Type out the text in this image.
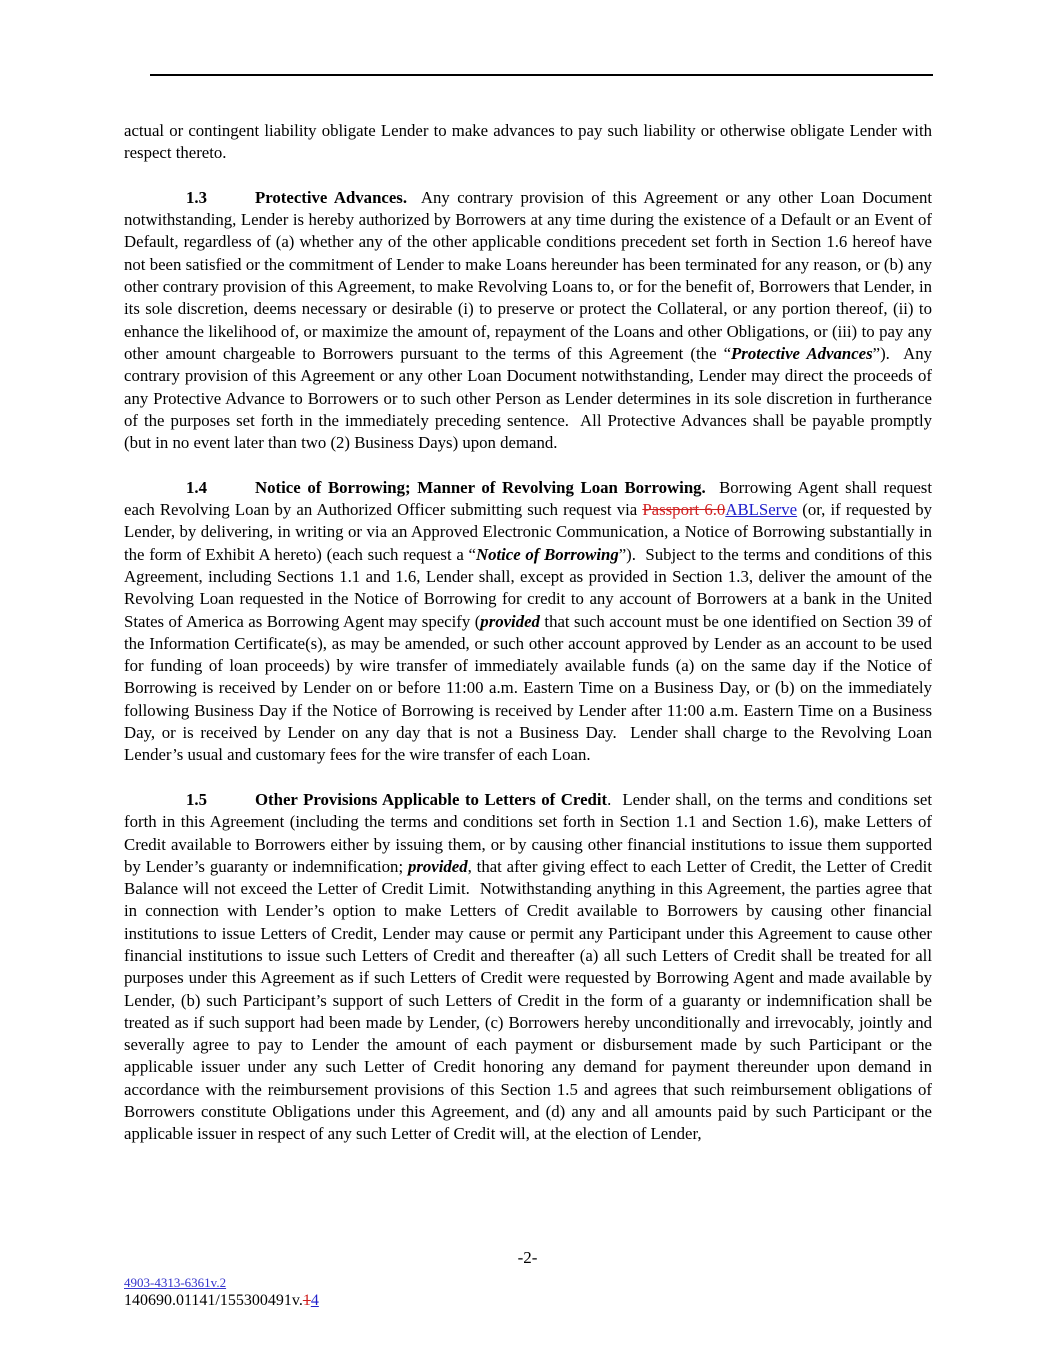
actual or contingent liability obligate Lender to make advances to pay such liability or otherwise obligate Lender with respect thereto.

1.3	Protective Advances.  Any contrary provision of this Agreement or any other Loan Document notwithstanding, Lender is hereby authorized by Borrowers at any time during the existence of a Default or an Event of Default, regardless of (a) whether any of the other applicable conditions precedent set forth in Section 1.6 hereof have not been satisfied or the commitment of Lender to make Loans hereunder has been terminated for any reason, or (b) any other contrary provision of this Agreement, to make Revolving Loans to, or for the benefit of, Borrowers that Lender, in its sole discretion, deems necessary or desirable (i) to preserve or protect the Collateral, or any portion thereof, (ii) to enhance the likelihood of, or maximize the amount of, repayment of the Loans and other Obligations, or (iii) to pay any other amount chargeable to Borrowers pursuant to the terms of this Agreement (the “Protective Advances”).  Any contrary provision of this Agreement or any other Loan Document notwithstanding, Lender may direct the proceeds of any Protective Advance to Borrowers or to such other Person as Lender determines in its sole discretion in furtherance of the purposes set forth in the immediately preceding sentence.  All Protective Advances shall be payable promptly (but in no event later than two (2) Business Days) upon demand.

1.4	Notice of Borrowing; Manner of Revolving Loan Borrowing.  Borrowing Agent shall request each Revolving Loan by an Authorized Officer submitting such request via Passport 6.0ABLServe (or, if requested by Lender, by delivering, in writing or via an Approved Electronic Communication, a Notice of Borrowing substantially in the form of Exhibit A hereto) (each such request a “Notice of Borrowing”).  Subject to the terms and conditions of this Agreement, including Sections 1.1 and 1.6, Lender shall, except as provided in Section 1.3, deliver the amount of the Revolving Loan requested in the Notice of Borrowing for credit to any account of Borrowers at a bank in the United States of America as Borrowing Agent may specify (provided that such account must be one identified on Section 39 of the Information Certificate(s), as may be amended, or such other account approved by Lender as an account to be used for funding of loan proceeds) by wire transfer of immediately available funds (a) on the same day if the Notice of Borrowing is received by Lender on or before 11:00 a.m. Eastern Time on a Business Day, or (b) on the immediately following Business Day if the Notice of Borrowing is received by Lender after 11:00 a.m. Eastern Time on a Business Day, or is received by Lender on any day that is not a Business Day.  Lender shall charge to the Revolving Loan Lender’s usual and customary fees for the wire transfer of each Loan.

1.5	Other Provisions Applicable to Letters of Credit.  Lender shall, on the terms and conditions set forth in this Agreement (including the terms and conditions set forth in Section 1.1 and Section 1.6), make Letters of Credit available to Borrowers either by issuing them, or by causing other financial institutions to issue them supported by Lender’s guaranty or indemnification; provided, that after giving effect to each Letter of Credit, the Letter of Credit Balance will not exceed the Letter of Credit Limit.  Notwithstanding anything in this Agreement, the parties agree that in connection with Lender’s option to make Letters of Credit available to Borrowers by causing other financial institutions to issue Letters of Credit, Lender may cause or permit any Participant under this Agreement to cause other financial institutions to issue such Letters of Credit and thereafter (a) all such Letters of Credit shall be treated for all purposes under this Agreement as if such Letters of Credit were requested by Borrowing Agent and made available by Lender, (b) such Participant’s support of such Letters of Credit in the form of a guaranty or indemnification shall be treated as if such support had been made by Lender, (c) Borrowers hereby unconditionally and irrevocably, jointly and severally agree to pay to Lender the amount of each payment or disbursement made by such Participant or the applicable issuer under any such Letter of Credit honoring any demand for payment thereunder upon demand in accordance with the reimbursement provisions of this Section 1.5 and agrees that such reimbursement obligations of Borrowers constitute Obligations under this Agreement, and (d) any and all amounts paid by such Participant or the applicable issuer in respect of any such Letter of Credit will, at the election of Lender,

-2-
4903-4313-6361v.2
140690.01141/155300491v.14
